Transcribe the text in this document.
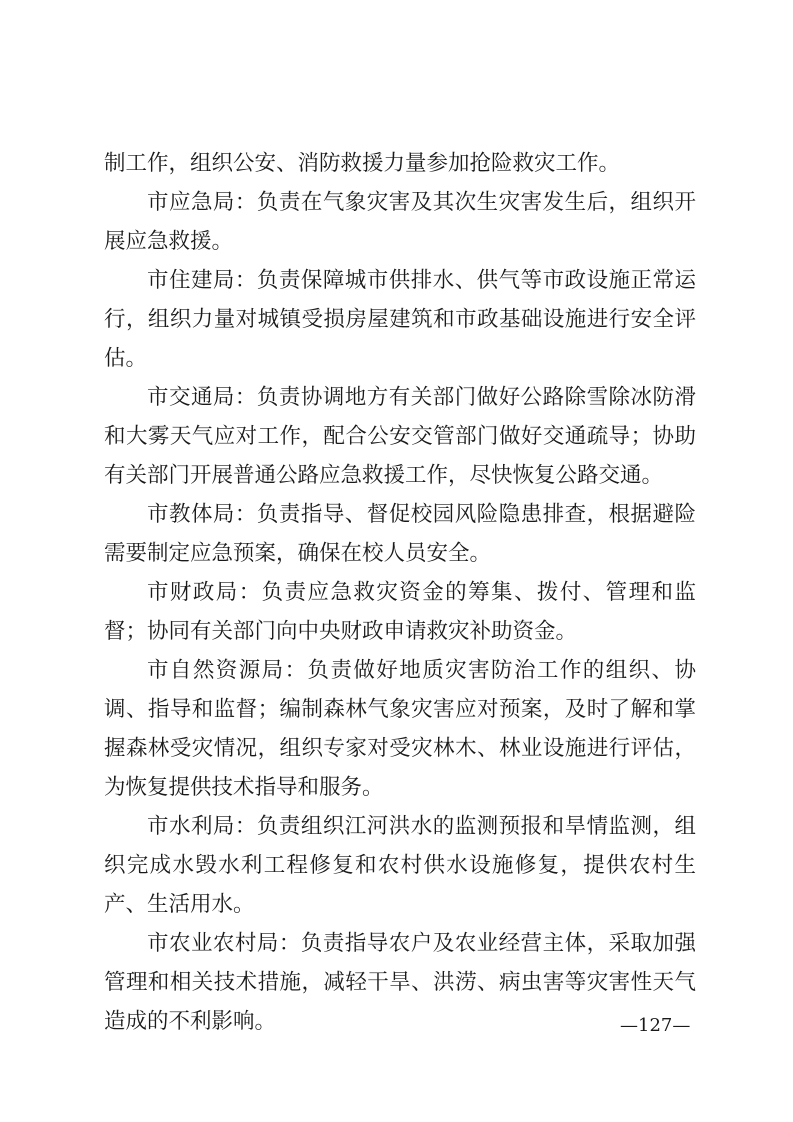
制工作，组织公安、消防救援力量参加抢险救灾工作。

市应急局：负责在气象灾害及其次生灾害发生后，组织开展应急救援。

市住建局：负责保障城市供排水、供气等市政设施正常运行，组织力量对城镇受损房屋建筑和市政基础设施进行安全评估。

市交通局：负责协调地方有关部门做好公路除雪除冰防滑和大雾天气应对工作，配合公安交管部门做好交通疏导；协助有关部门开展普通公路应急救援工作，尽快恢复公路交通。

市教体局：负责指导、督促校园风险隐患排查，根据避险需要制定应急预案，确保在校人员安全。

市财政局：负责应急救灾资金的筹集、拨付、管理和监督；协同有关部门向中央财政申请救灾补助资金。

市自然资源局：负责做好地质灾害防治工作的组织、协调、指导和监督；编制森林气象灾害应对预案，及时了解和掌握森林受灾情况，组织专家对受灾林木、林业设施进行评估，为恢复提供技术指导和服务。

市水利局：负责组织江河洪水的监测预报和旱情监测，组织完成水毁水利工程修复和农村供水设施修复，提供农村生产、生活用水。

市农业农村局：负责指导农户及农业经营主体，采取加强管理和相关技术措施，减轻干旱、洪涝、病虫害等灾害性天气造成的不利影响。	—127—
